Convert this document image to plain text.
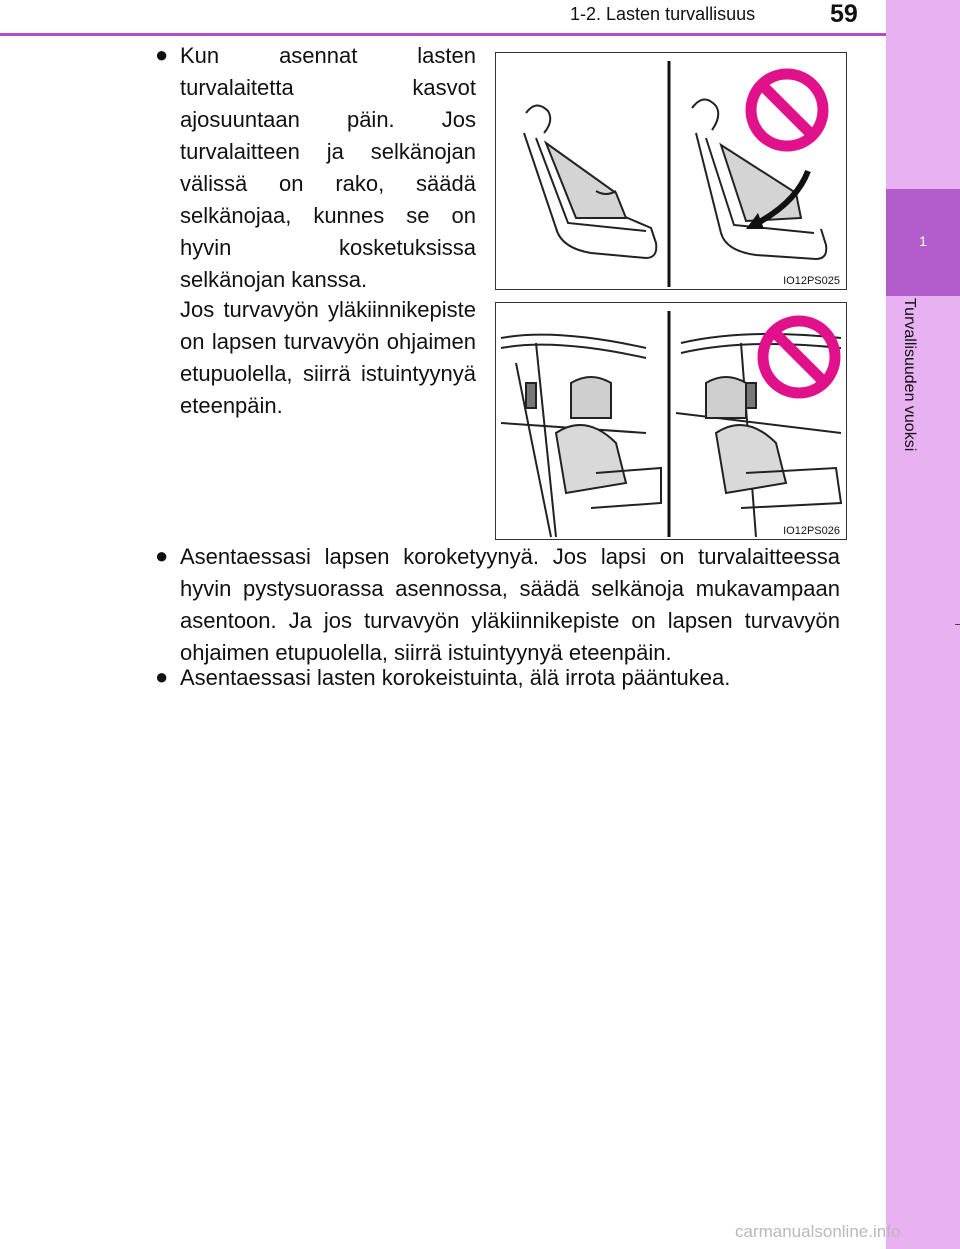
1-2. Lasten turvallisuus	59
1
Turvallisuuden vuoksi
● Kun asennat lasten turvalaitetta kasvot ajosuuntaan päin. Jos turvalaitteen ja selkänojan välissä on rako, säädä selkänojaa, kunnes se on hyvin kosketuksissa selkänojan kanssa.
Jos turvavyön yläkiinnikepiste on lapsen turvavyön ohjaimen etupuolella, siirrä istuintyynyä eteenpäin.
● Asentaessasi lapsen koroketyynyä. Jos lapsi on turvalaitteessa hyvin pystysuorassa asennossa, säädä selkänoja mukavampaan asentoon. Ja jos turvavyön yläkiinnikepiste on lapsen turvavyön ohjaimen etupuolella, siirrä istuintyynyä eteenpäin.
● Asentaessasi lasten korokeistuinta, älä irrota pääntukea.
IO12PS025
IO12PS026
carmanualsonline.info
